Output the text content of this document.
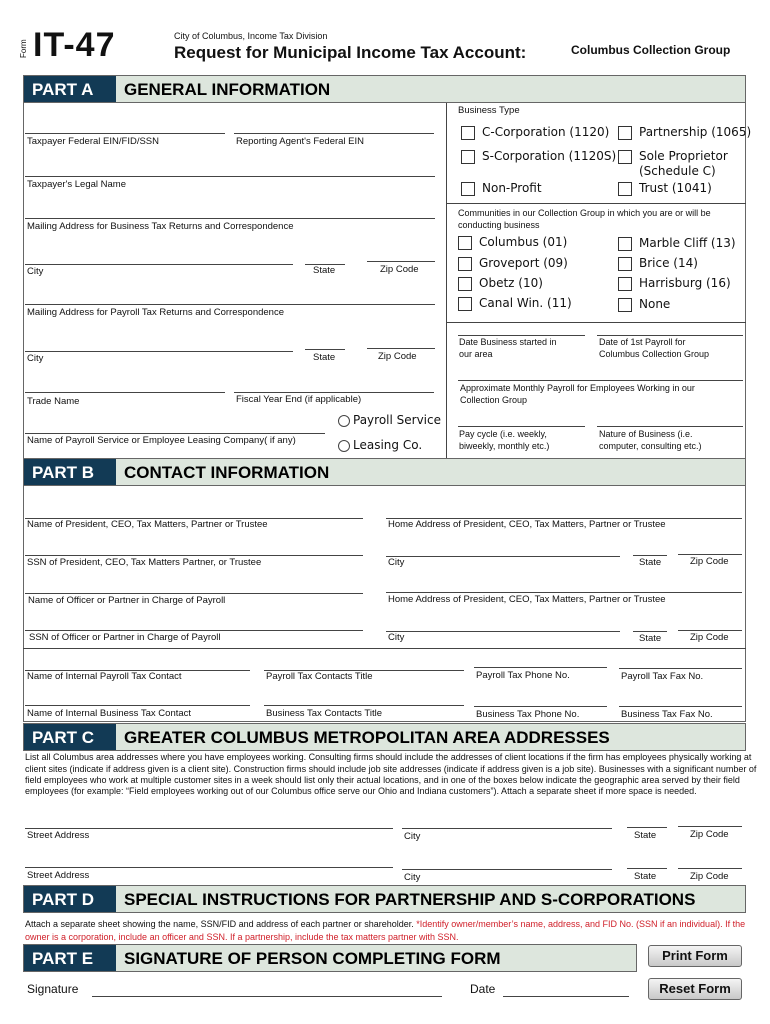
Form IT-47	City of Columbus, Income Tax Division
Request for Municipal Income Tax Account:	Columbus Collection Group
PART A	GENERAL INFORMATION
Taxpayer Federal EIN/FID/SSN	Reporting Agent's Federal EIN
Taxpayer's Legal Name
Mailing Address for Business Tax Returns and Correspondence
City	State	Zip Code
Mailing Address for Payroll Tax Returns and Correspondence
City	State	Zip Code
Trade Name	Fiscal Year End (if applicable)
Payroll Service
Name of Payroll Service or Employee Leasing Company( if any)	Leasing Co.
Business Type
C-Corporation (1120) Partnership (1065)
S-Corporation (1120S) Sole Proprietor
(Schedule C)
Non-Profit	Trust (1041)
Communities in our Collection Group in which you are or will be
conducting business
Columbus (01)	Marble Cliff (13)
Groveport (09)	Brice (14)
Obetz (10)	Harrisburg (16)
Canal Win. (11)	None
Date Business started in
our area
Date of 1st Payroll for
Columbus Collection Group
Approximate Monthly Payroll for Employees Working in our
Collection Group
Pay cycle (i.e. weekly,
biweekly, monthly etc.)
Nature of Business (i.e.
computer, consulting etc.)
PART B	CONTACT INFORMATION
Name of President, CEO, Tax Matters, Partner or Trustee	Home Address of President, CEO, Tax Matters, Partner or Trustee
SSN of President, CEO, Tax Matters Partner, or Trustee	City	State	Zip Code
Name of Officer or Partner in Charge of Payroll	Home Address of President, CEO, Tax Matters, Partner or Trustee
SSN of Officer or Partner in Charge of Payroll	City	State	Zip Code
Name of Internal Payroll Tax Contact	Payroll Tax Contacts Title	Payroll Tax Phone No.	Payroll Tax Fax No.
Name of Internal Business Tax Contact	Business Tax Contacts Title	Business Tax Phone No.	Business Tax Fax No.
PART C	GREATER COLUMBUS METROPOLITAN AREA ADDRESSES
List all Columbus area addresses where you have employees working. Consulting firms should include the addresses of client locations if the firm has employees physically working at
client sites (indicate if address given is a client site). Construction firms should include job site addresses (indicate if address given is a job site). Businesses with a significant number of
field employees who work at multiple customer sites in a week should list only their actual locations, and in one of the boxes below indicate the geographic area served by their field
employees (for example: “Field employees working out of our Columbus office serve our Ohio and Indiana customers”). Attach a separate sheet if more space is needed.
Street Address	City	State	Zip Code
Street Address	City	State	Zip Code
PART D	SPECIAL INSTRUCTIONS FOR PARTNERSHIP AND S-CORPORATIONS
Attach a separate sheet showing the name, SSN/FID and address of each partner or shareholder. *Identify owner/member’s name, address, and FID No. (SSN if an individual). If the owner is a corporation, include an officer and SSN. If a partnership, include the tax matters partner with SSN.
PART E	SIGNATURE OF PERSON COMPLETING FORM	Print Form
Signature	Date	Reset Form
